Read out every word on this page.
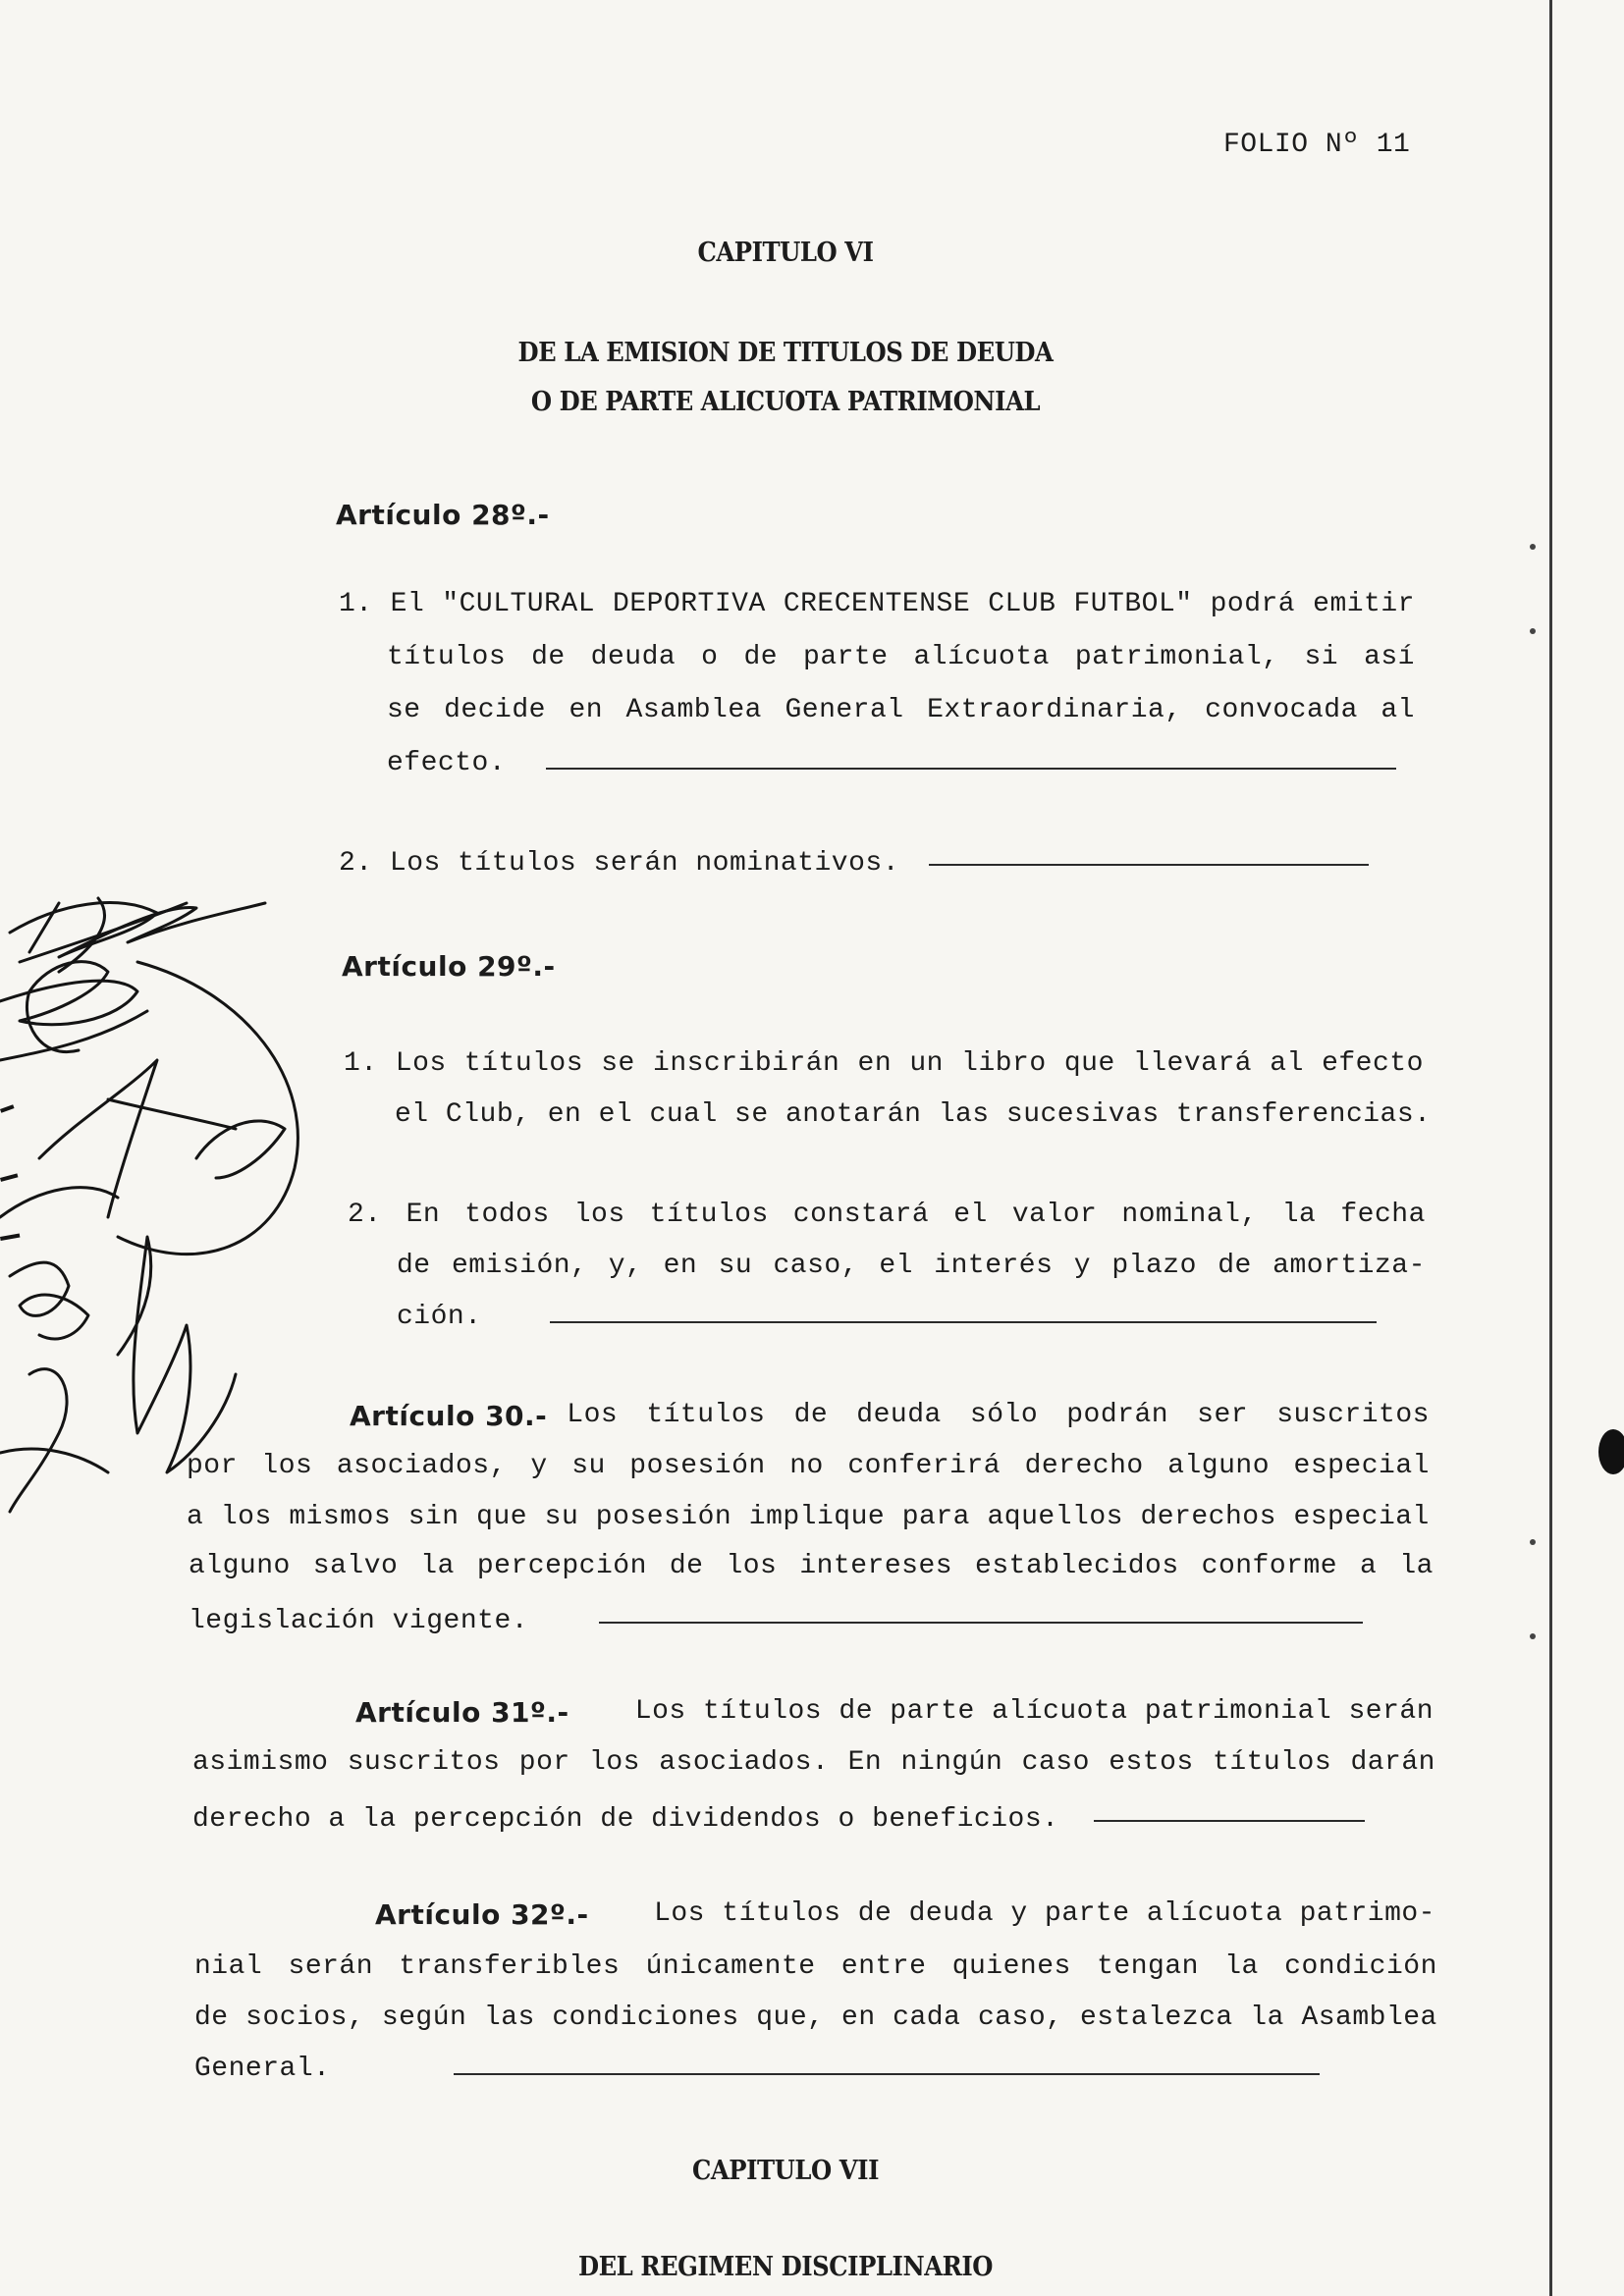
FOLIO Nº 11
CAPITULO VI
DE LA EMISION DE TITULOS DE DEUDA
O DE PARTE ALICUOTA PATRIMONIAL
Artículo 28º.-
1. El "CULTURAL DEPORTIVA CRECENTENSE CLUB FUTBOL" podrá emitir
títulos de deuda o de parte alícuota patrimonial, si así
se decide en Asamblea General Extraordinaria, convocada al
efecto.
2. Los títulos serán nominativos.
Artículo 29º.-
1. Los títulos se inscribirán en un libro que llevará al efecto
el Club, en el cual se anotarán las sucesivas transferencias.
2. En todos los títulos constará el valor nominal, la fecha
de emisión, y, en su caso, el interés y plazo de amortiza-
ción.
Artículo 30.- Los títulos de deuda sólo podrán ser suscritos
por los asociados, y su posesión no conferirá derecho alguno especial
a los mismos sin que su posesión implique para aquellos derechos especial
alguno salvo la percepción de los intereses establecidos conforme a la
legislación vigente.
Artículo 31º.- Los títulos de parte alícuota patrimonial serán
asimismo suscritos por los asociados. En ningún caso estos títulos darán
derecho a la percepción de dividendos o beneficios.
Artículo 32º.- Los títulos de deuda y parte alícuota patrimo-
nial serán transferibles únicamente entre quienes tengan la condición
de socios, según las condiciones que, en cada caso, estalezca la Asamblea
General.
CAPITULO VII
DEL REGIMEN DISCIPLINARIO
